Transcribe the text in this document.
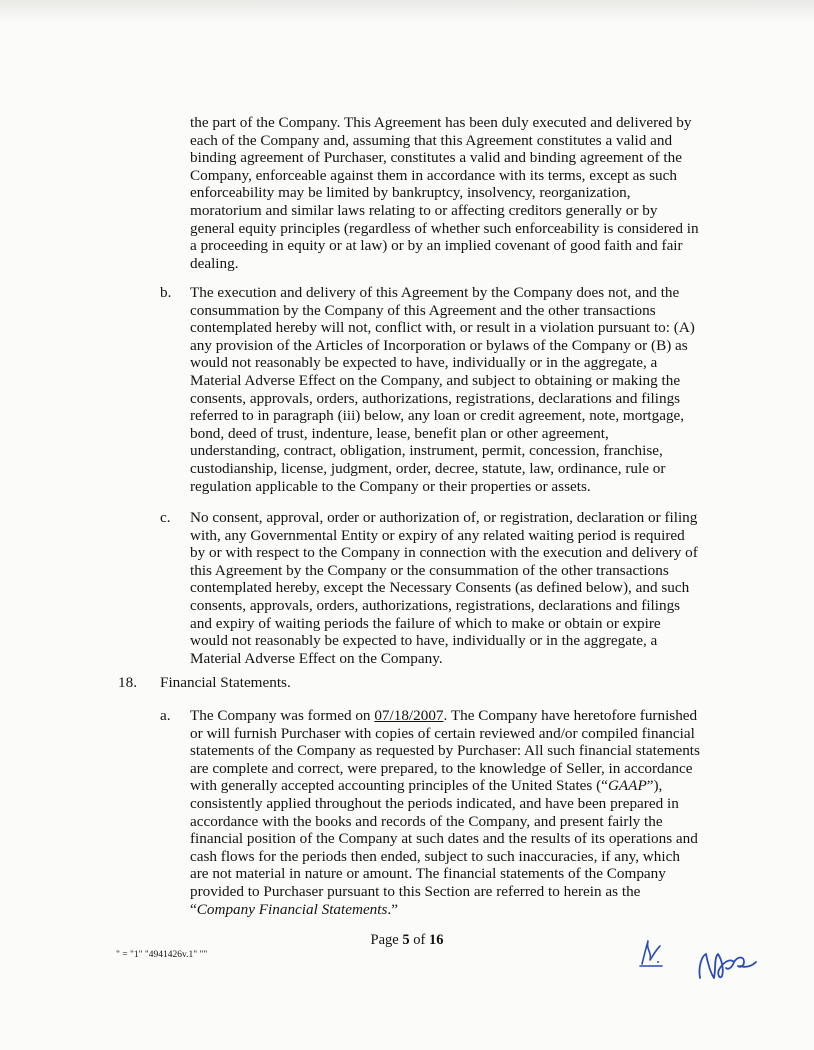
the part of the Company. This Agreement has been duly executed and delivered by each of the Company and, assuming that this Agreement constitutes a valid and binding agreement of Purchaser, constitutes a valid and binding agreement of the Company, enforceable against them in accordance with its terms, except as such enforceability may be limited by bankruptcy, insolvency, reorganization, moratorium and similar laws relating to or affecting creditors generally or by general equity principles (regardless of whether such enforceability is considered in a proceeding in equity or at law) or by an implied covenant of good faith and fair dealing.
b. The execution and delivery of this Agreement by the Company does not, and the consummation by the Company of this Agreement and the other transactions contemplated hereby will not, conflict with, or result in a violation pursuant to: (A) any provision of the Articles of Incorporation or bylaws of the Company or (B) as would not reasonably be expected to have, individually or in the aggregate, a Material Adverse Effect on the Company, and subject to obtaining or making the consents, approvals, orders, authorizations, registrations, declarations and filings referred to in paragraph (iii) below, any loan or credit agreement, note, mortgage, bond, deed of trust, indenture, lease, benefit plan or other agreement, understanding, contract, obligation, instrument, permit, concession, franchise, custodianship, license, judgment, order, decree, statute, law, ordinance, rule or regulation applicable to the Company or their properties or assets.
c. No consent, approval, order or authorization of, or registration, declaration or filing with, any Governmental Entity or expiry of any related waiting period is required by or with respect to the Company in connection with the execution and delivery of this Agreement by the Company or the consummation of the other transactions contemplated hereby, except the Necessary Consents (as defined below), and such consents, approvals, orders, authorizations, registrations, declarations and filings and expiry of waiting periods the failure of which to make or obtain or expire would not reasonably be expected to have, individually or in the aggregate, a Material Adverse Effect on the Company.
18. Financial Statements.
a. The Company was formed on 07/18/2007. The Company have heretofore furnished or will furnish Purchaser with copies of certain reviewed and/or compiled financial statements of the Company as requested by Purchaser: All such financial statements are complete and correct, were prepared, to the knowledge of Seller, in accordance with generally accepted accounting principles of the United States (“GAAP”), consistently applied throughout the periods indicated, and have been prepared in accordance with the books and records of the Company, and present fairly the financial position of the Company at such dates and the results of its operations and cash flows for the periods then ended, subject to such inaccuracies, if any, which are not material in nature or amount. The financial statements of the Company provided to Purchaser pursuant to this Section are referred to herein as the “Company Financial Statements.”
Page 5 of 16
" = "1" "4941426v.1" ""
